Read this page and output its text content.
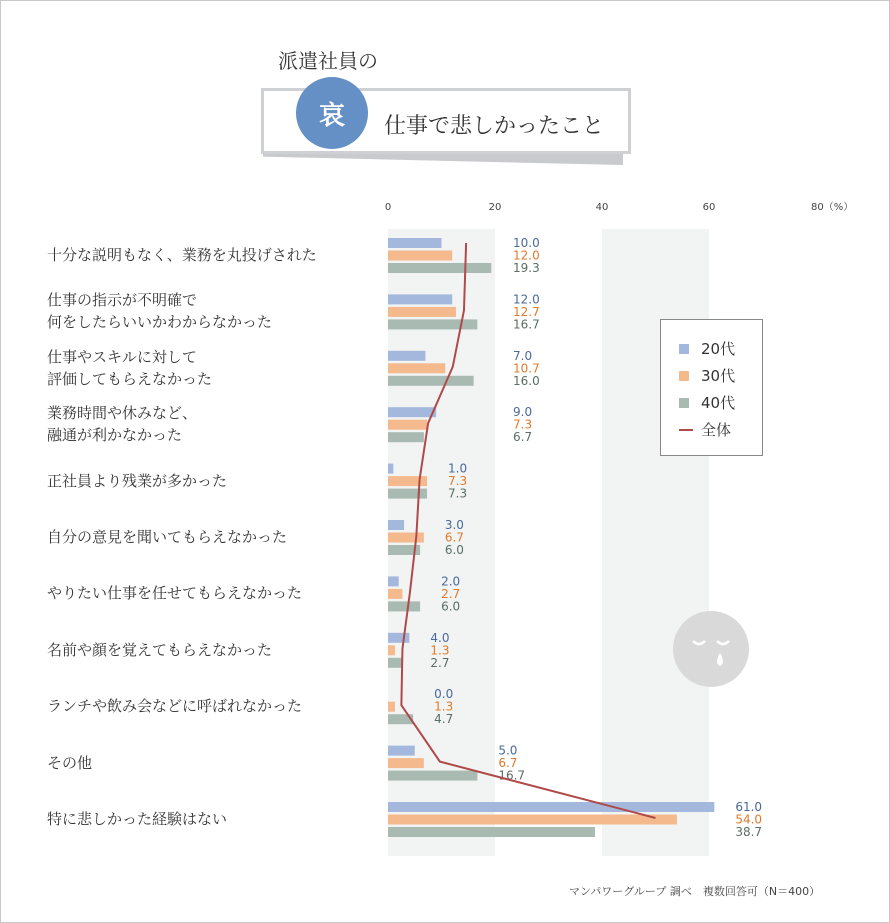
派遣社員の
哀 仕事で悲しかったこと
0	20	40	60	80（%）
10.0
12.0
19.3
12.0
12.7
16.7
7.0
10.7
16.0
9.0
7.3
6.7
1.0
7.3
7.3
3.0
6.7
6.0
2.0
2.7
6.0
4.0
1.3
2.7
0.0
1.3
4.7
5.0
6.7
16.7
61.0
54.0
38.7
十分な説明もなく、業務を丸投げされた
仕事の指示が不明確で
何をしたらいいかわからなかった
仕事やスキルに対して
評価してもらえなかった
業務時間や休みなど、
融通が利かなかった
正社員より残業が多かった
自分の意見を聞いてもらえなかった
やりたい仕事を任せてもらえなかった
名前や顔を覚えてもらえなかった
ランチや飲み会などに呼ばれなかった
その他
特に悲しかった経験はない
20代
30代
40代
全体
マンパワーグループ 調べ　複数回答可（N＝400）
